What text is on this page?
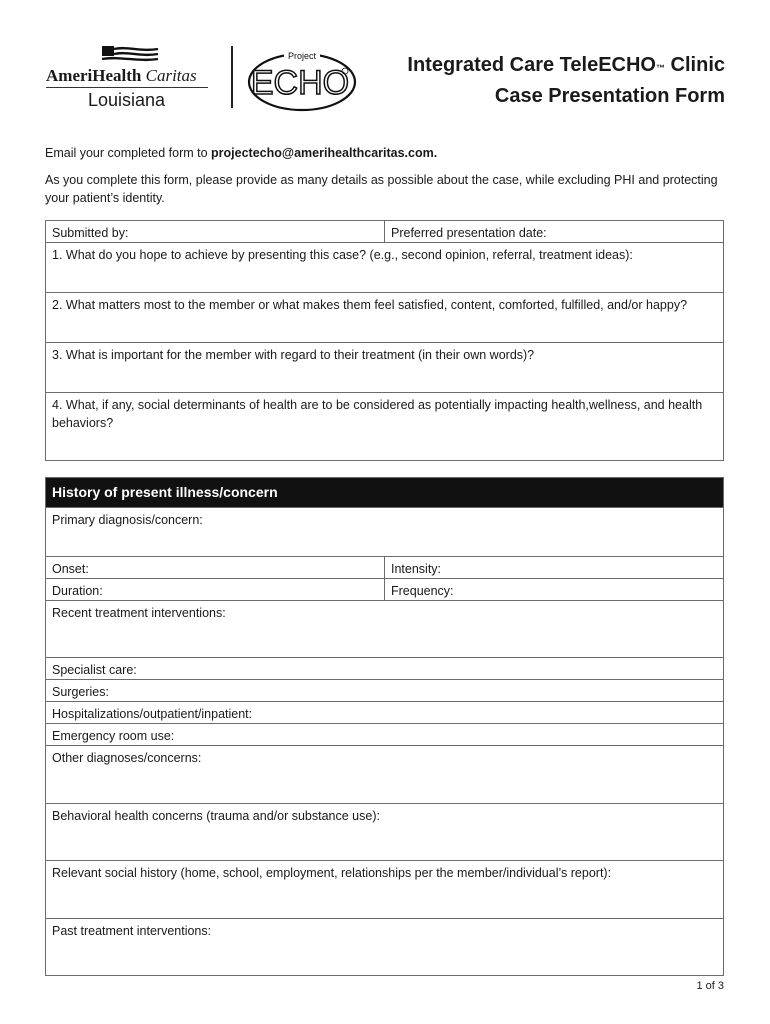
AmeriHealth Caritas
Louisiana
Project
ECHO	Integrated Care TeleECHO™ Clinic
Case Presentation Form

Email your completed form to projectecho@amerihealthcaritas.com.

As you complete this form, please provide as many details as possible about the case, while excluding PHI and protecting your patient’s identity.

Submitted by:	Preferred presentation date:
1. What do you hope to achieve by presenting this case? (e.g., second opinion, referral, treatment ideas):
2. What matters most to the member or what makes them feel satisfied, content, comforted, fulfilled, and/or happy?
3. What is important for the member with regard to their treatment (in their own words)?
4. What, if any, social determinants of health are to be considered as potentially impacting health,wellness, and health behaviors?
History of present illness/concern
Primary diagnosis/concern:
Onset:	Intensity:
Duration:	Frequency:
Recent treatment interventions:
Specialist care:
Surgeries:
Hospitalizations/outpatient/inpatient:
Emergency room use:
Other diagnoses/concerns:
Behavioral health concerns (trauma and/or substance use):
Relevant social history (home, school, employment, relationships per the member/individual’s report):
Past treatment interventions:
1 of 3
